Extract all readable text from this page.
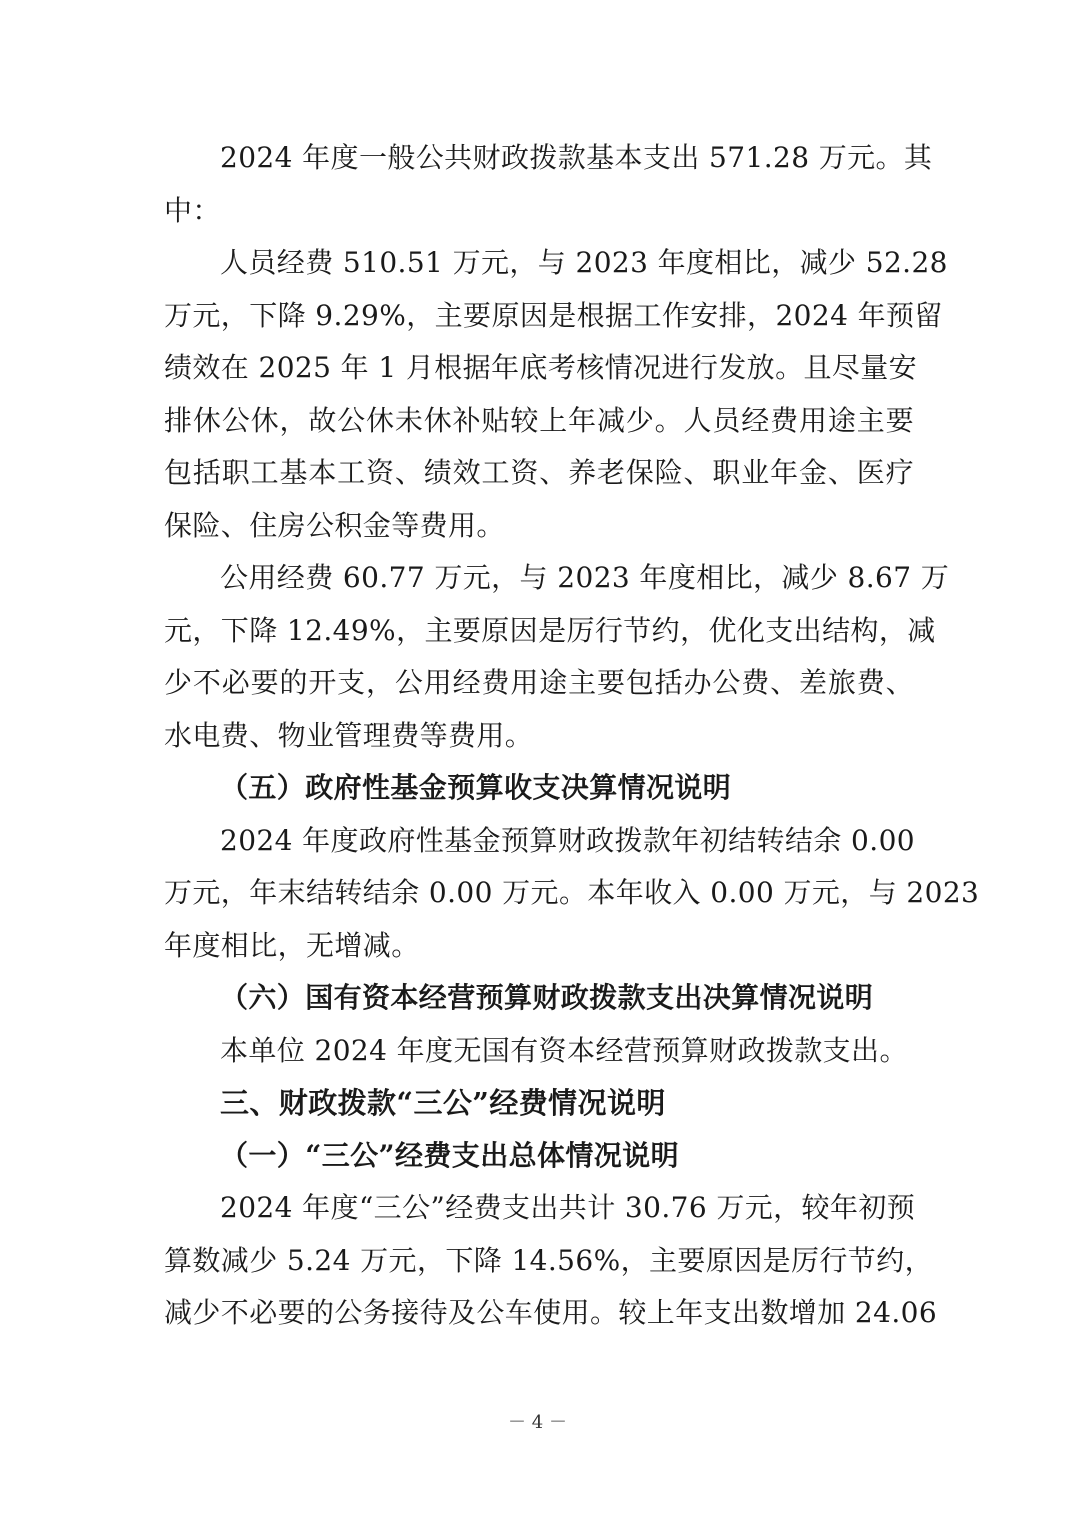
2024 年度一般公共财政拨款基本支出 571.28 万元。其
中：
人员经费 510.51 万元，与 2023 年度相比，减少 52.28
万元，下降 9.29%，主要原因是根据工作安排，2024 年预留
绩效在 2025 年 1 月根据年底考核情况进行发放。且尽量安
排休公休，故公休未休补贴较上年减少。人员经费用途主要
包括职工基本工资、绩效工资、养老保险、职业年金、医疗
保险、住房公积金等费用。
公用经费 60.77 万元，与 2023 年度相比，减少 8.67 万
元，下降 12.49%，主要原因是厉行节约，优化支出结构，减
少不必要的开支，公用经费用途主要包括办公费、差旅费、
水电费、物业管理费等费用。
（五）政府性基金预算收支决算情况说明
2024 年度政府性基金预算财政拨款年初结转结余 0.00
万元，年末结转结余 0.00 万元。本年收入 0.00 万元，与 2023
年度相比，无增减。
（六）国有资本经营预算财政拨款支出决算情况说明
本单位 2024 年度无国有资本经营预算财政拨款支出。
三、财政拨款“三公”经费情况说明
（一）“三公”经费支出总体情况说明
2024 年度“三公”经费支出共计 30.76 万元，较年初预
算数减少 5.24 万元，下降 14.56%，主要原因是厉行节约，
减少不必要的公务接待及公车使用。较上年支出数增加 24.06
－ 4 －
